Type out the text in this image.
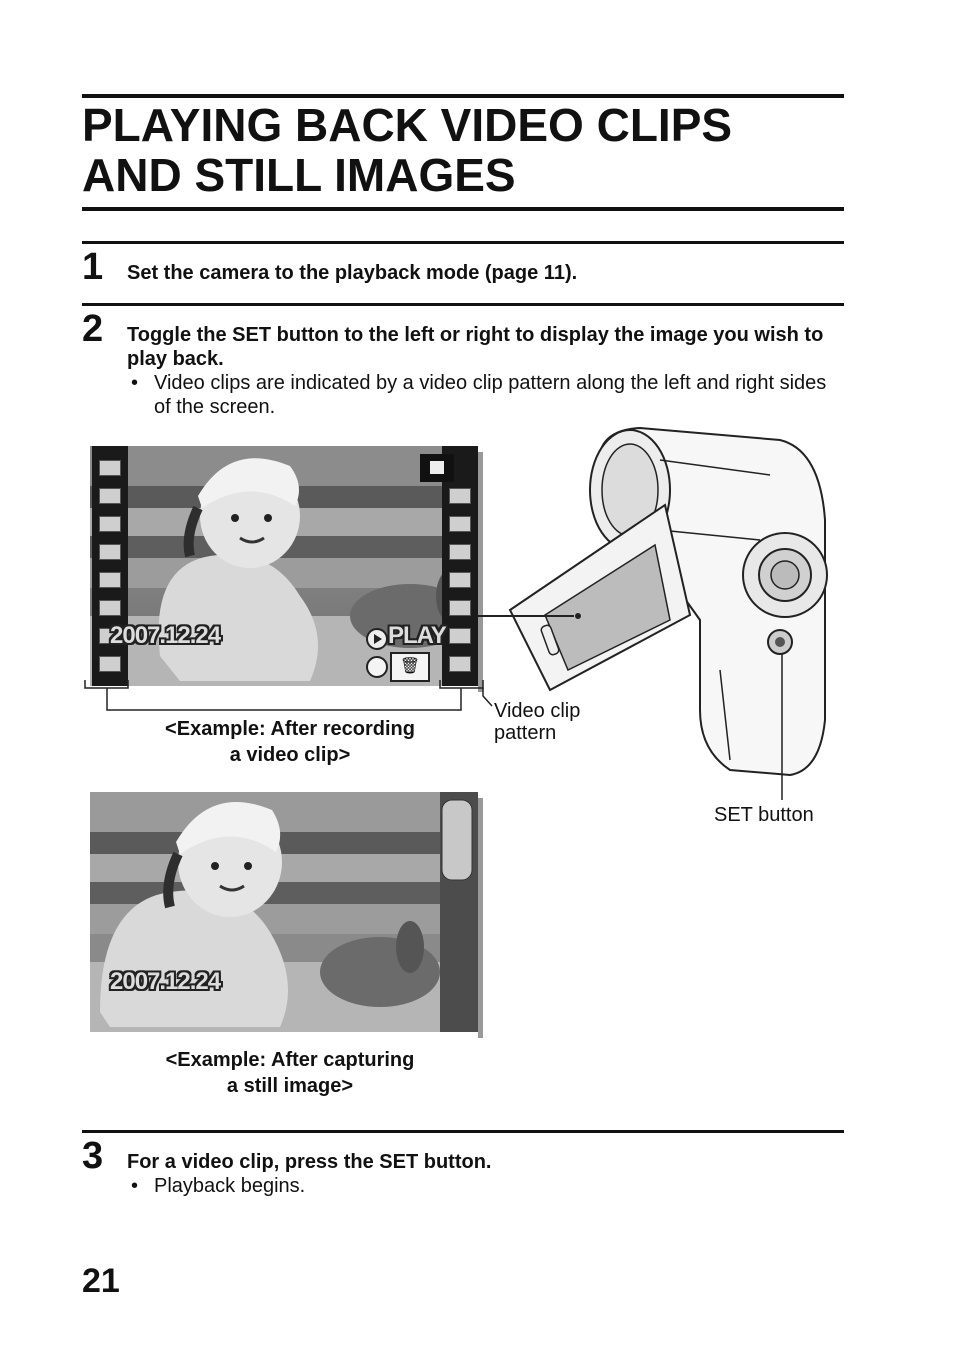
PLAYING BACK VIDEO CLIPS AND STILL IMAGES
1 Set the camera to the playback mode (page 11).
2 Toggle the SET button to the left or right to display the image you wish to play back.
• Video clips are indicated by a video clip pattern along the left and right sides of the screen.
2007.12.24	PLAY
🗑
<Example: After recording
a video clip>
Video clip
pattern
SET button
2007.12.24
<Example: After capturing
a still image>
3 For a video clip, press the SET button.
• Playback begins.
21
